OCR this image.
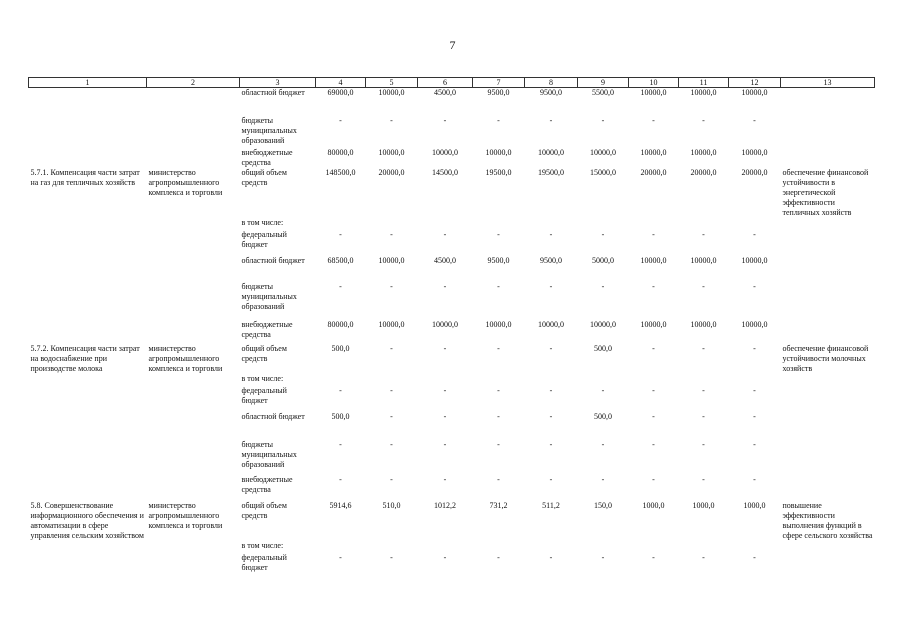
7
1	2	3	4	5	6	7	8	9	10	11	12	13
		областной бюджет	69000,0	10000,0	4500,0	9500,0	9500,0	5500,0	10000,0	10000,0	10000,0	
		бюджеты муниципальных образований	-	-	-	-	-	-	-	-	-	
		внебюджетные средства	80000,0	10000,0	10000,0	10000,0	10000,0	10000,0	10000,0	10000,0	10000,0	
5.7.1. Компенсация части затрат на газ для тепличных хозяйств	министерство агропромышленного комплекса и торговли	общий объем средств	148500,0	20000,0	14500,0	19500,0	19500,0	15000,0	20000,0	20000,0	20000,0	обеспечение финансовой устойчивости в энергетической эффективности тепличных хозяйств
		в том числе:										
		федеральный бюджет	-	-	-	-	-	-	-	-	-	
		областной бюджет	68500,0	10000,0	4500,0	9500,0	9500,0	5000,0	10000,0	10000,0	10000,0	
		бюджеты муниципальных образований	-	-	-	-	-	-	-	-	-	
		внебюджетные средства	80000,0	10000,0	10000,0	10000,0	10000,0	10000,0	10000,0	10000,0	10000,0	
5.7.2. Компенсация части затрат на водоснабжение при производстве молока	министерство агропромышленного комплекса и торговли	общий объем средств	500,0	-	-	-	-	500,0	-	-	-	обеспечение финансовой устойчивости молочных хозяйств
		в том числе:										
		федеральный бюджет	-	-	-	-	-	-	-	-	-	
		областной бюджет	500,0	-	-	-	-	500,0	-	-	-	
		бюджеты муниципальных образований	-	-	-	-	-	-	-	-	-	
		внебюджетные средства	-	-	-	-	-	-	-	-	-	
5.8. Совершенствование информационного обеспечения и автоматизации в сфере управления сельским хозяйством	министерство агропромышленного комплекса и торговли	общий объем средств	5914,6	510,0	1012,2	731,2	511,2	150,0	1000,0	1000,0	1000,0	повышение эффективности выполнения функций в сфере сельского хозяйства
		в том числе:										
		федеральный бюджет	-	-	-	-	-	-	-	-	-	
